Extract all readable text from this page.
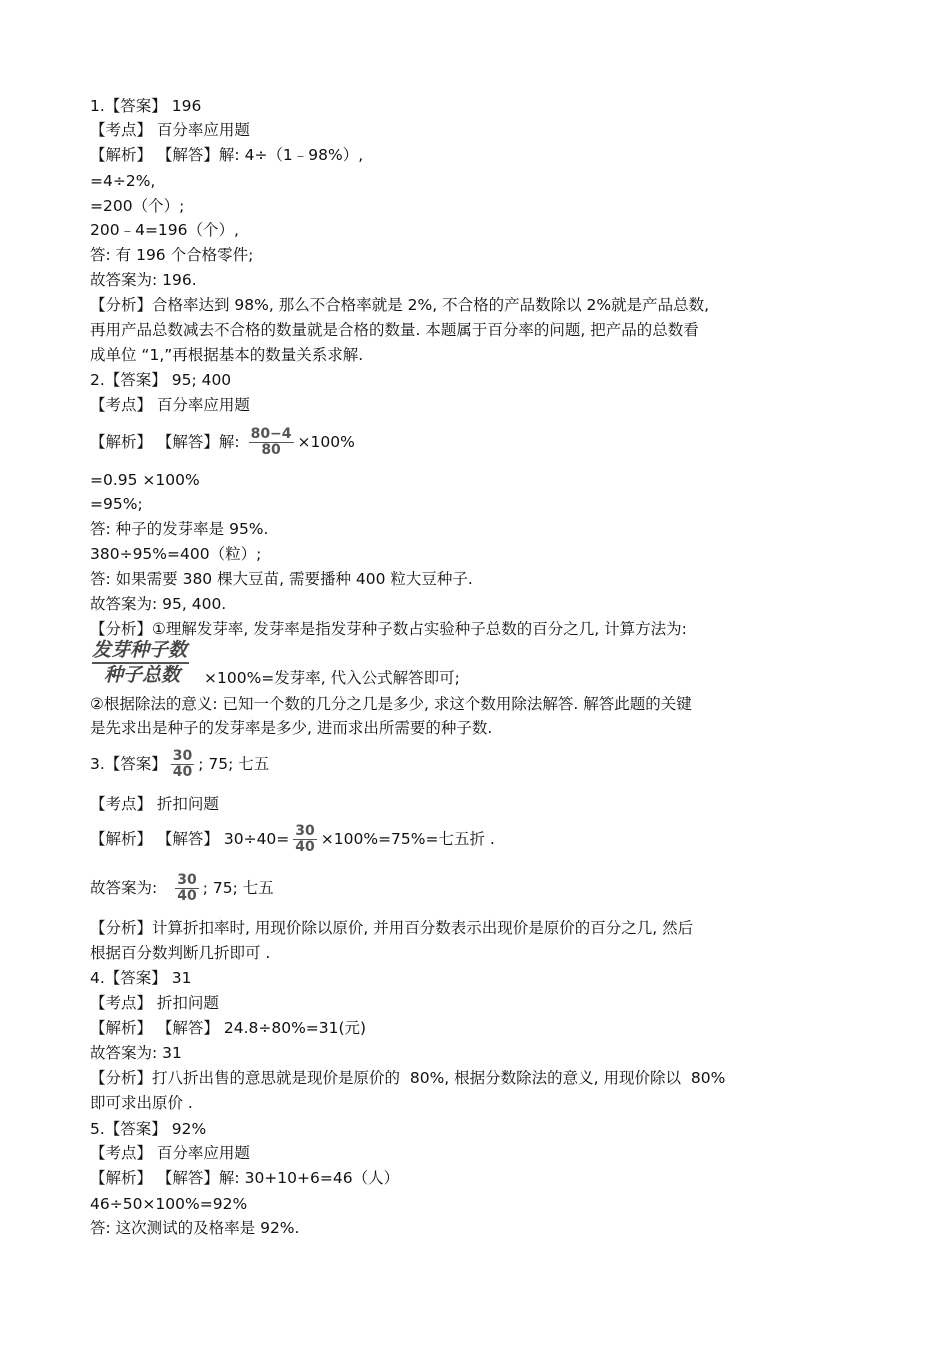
1.【答案】 196
【考点】 百分率应用题
【解析】 【解答】解: 4÷（1﹣98%）,
=4÷2%,
=200（个）;
200﹣4=196（个）,
答: 有 196 个合格零件;
故答案为: 196.
【分析】合格率达到 98%, 那么不合格率就是 2%, 不合格的产品数除以 2%就是产品总数,
再用产品总数减去不合格的数量就是合格的数量. 本题属于百分率的问题, 把产品的总数看
成单位 “1,”再根据基本的数量关系求解.
2.【答案】 95; 400
【考点】 百分率应用题
【解析】 【解答】解: $\frac{80-4}{80} \times 100\%$
=0.95 ×100%
=95%;
答: 种子的发芽率是 95%.
380÷95%=400（粒）;
答: 如果需要 380 棵大豆苗, 需要播种 400 粒大豆种子.
故答案为: 95, 400.
【分析】①理解发芽率, 发芽率是指发芽种子数占实验种子总数的百分之几, 计算方法为:
发芽种子数
种子总数	×100%=发芽率, 代入公式解答即可;
②根据除法的意义: 已知一个数的几分之几是多少, 求这个数用除法解答. 解答此题的关键
是先求出是种子的发芽率是多少, 进而求出所需要的种子数.
3.【答案】 $\frac{30}{40}$ ; 75; 七五
【考点】 折扣问题
【解析】 【解答】 $30\div 40= \frac{30}{40} \times 100\%=75\%=$七五折 .
故答案为: $\frac{30}{40}$ ; 75; 七五
【分析】计算折扣率时, 用现价除以原价, 并用百分数表示出现价是原价的百分之几, 然后
根据百分数判断几折即可 .
4.【答案】 31
【考点】 折扣问题
【解析】 【解答】 24.8÷80%=31(元)
故答案为: 31
【分析】打八折出售的意思就是现价是原价的  80%, 根据分数除法的意义, 用现价除以  80%
即可求出原价 .
5.【答案】 92%
【考点】 百分率应用题
【解析】 【解答】解: 30+10+6=46（人）
46÷50×100%=92%
答: 这次测试的及格率是 92%.
